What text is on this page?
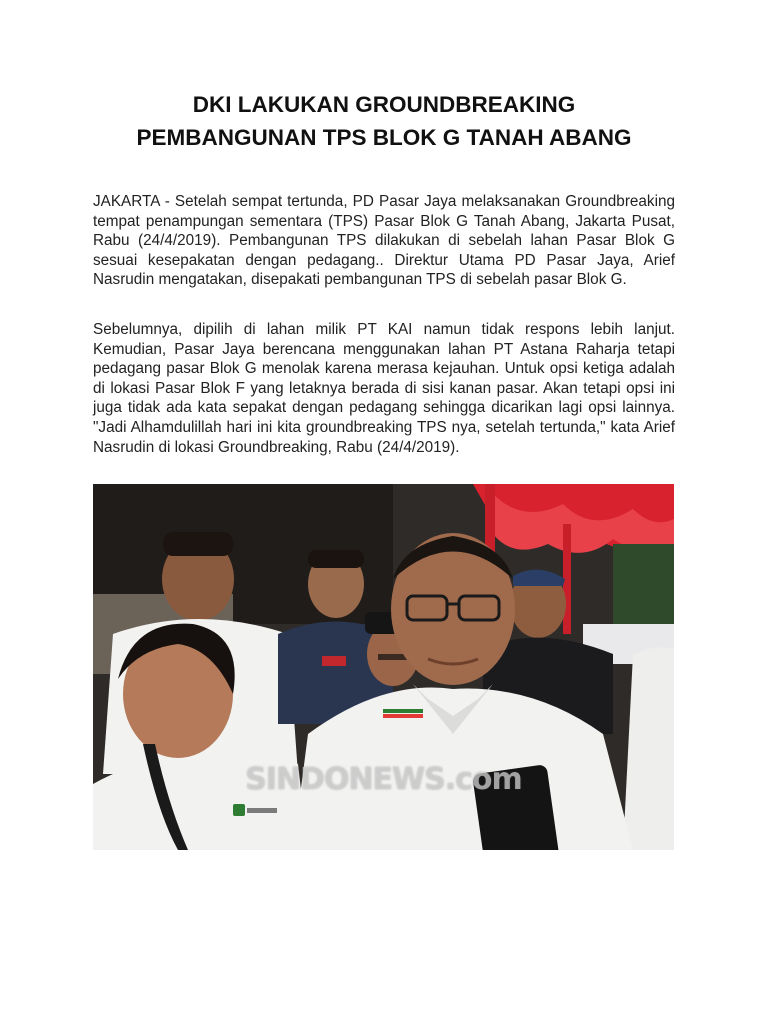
DKI LAKUKAN GROUNDBREAKING
PEMBANGUNAN TPS BLOK G TANAH ABANG

JAKARTA - Setelah sempat tertunda, PD Pasar Jaya melaksanakan Groundbreaking tempat penampungan sementara (TPS) Pasar Blok G Tanah Abang, Jakarta Pusat, Rabu (24/4/2019). Pembangunan TPS dilakukan di sebelah lahan Pasar Blok G sesuai kesepakatan dengan pedagang.. Direktur Utama PD Pasar Jaya, Arief Nasrudin mengatakan, disepakati pembangunan TPS di sebelah pasar Blok G.

Sebelumnya, dipilih di lahan milik PT KAI namun tidak respons lebih lanjut. Kemudian, Pasar Jaya berencana menggunakan lahan PT Astana Raharja tetapi pedagang pasar Blok G menolak karena merasa kejauhan. Untuk opsi ketiga adalah di lokasi Pasar Blok F yang letaknya berada di sisi kanan pasar. Akan tetapi opsi ini juga tidak ada kata sepakat dengan pedagang sehingga dicarikan lagi opsi lainnya. "Jadi Alhamdulillah hari ini kita groundbreaking TPS nya, setelah tertunda," kata Arief Nasrudin di lokasi Groundbreaking, Rabu (24/4/2019).

SINDONEWS.com
